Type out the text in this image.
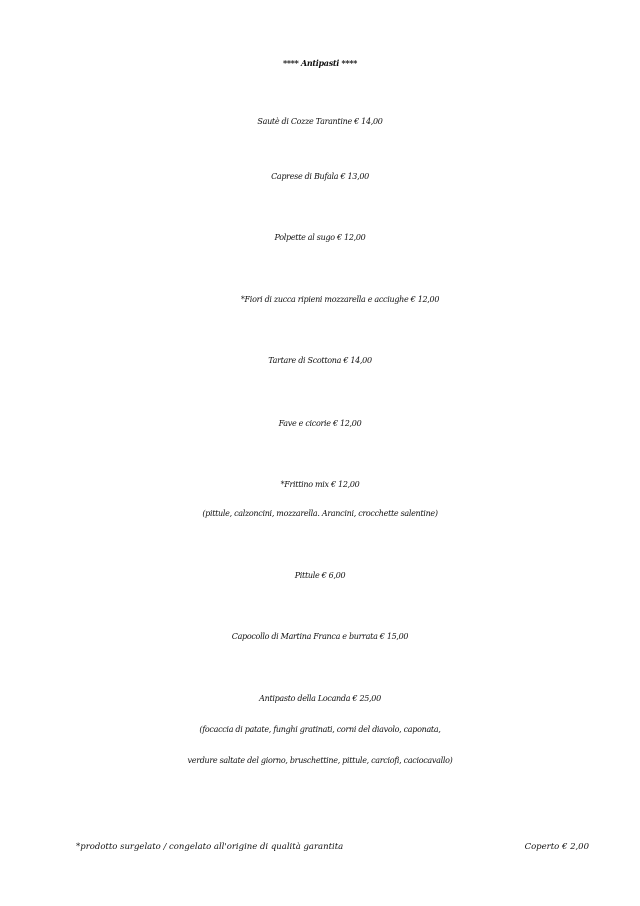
**** Antipasti ****
Sautè di Cozze Tarantine € 14,00
Caprese di Bufala € 13,00
Polpette al sugo € 12,00
*Fiori di zucca ripieni mozzarella e acciughe € 12,00
Tartare di Scottona € 14,00
Fave e cicorie € 12,00
*Frittino mix € 12,00
(pittule, calzoncini, mozzarella. Arancini, crocchette salentine)
Pittule € 6,00
Capocollo di Martina Franca e burrata € 15,00
Antipasto della Locanda € 25,00
(focaccia di patate, funghi gratinati, corni del diavolo, caponata,
verdure saltate del giorno, bruschettine, pittule, carciofi, caciocavallo)
*prodotto surgelato / congelato all'origine di qualità garantita	Coperto € 2,00
